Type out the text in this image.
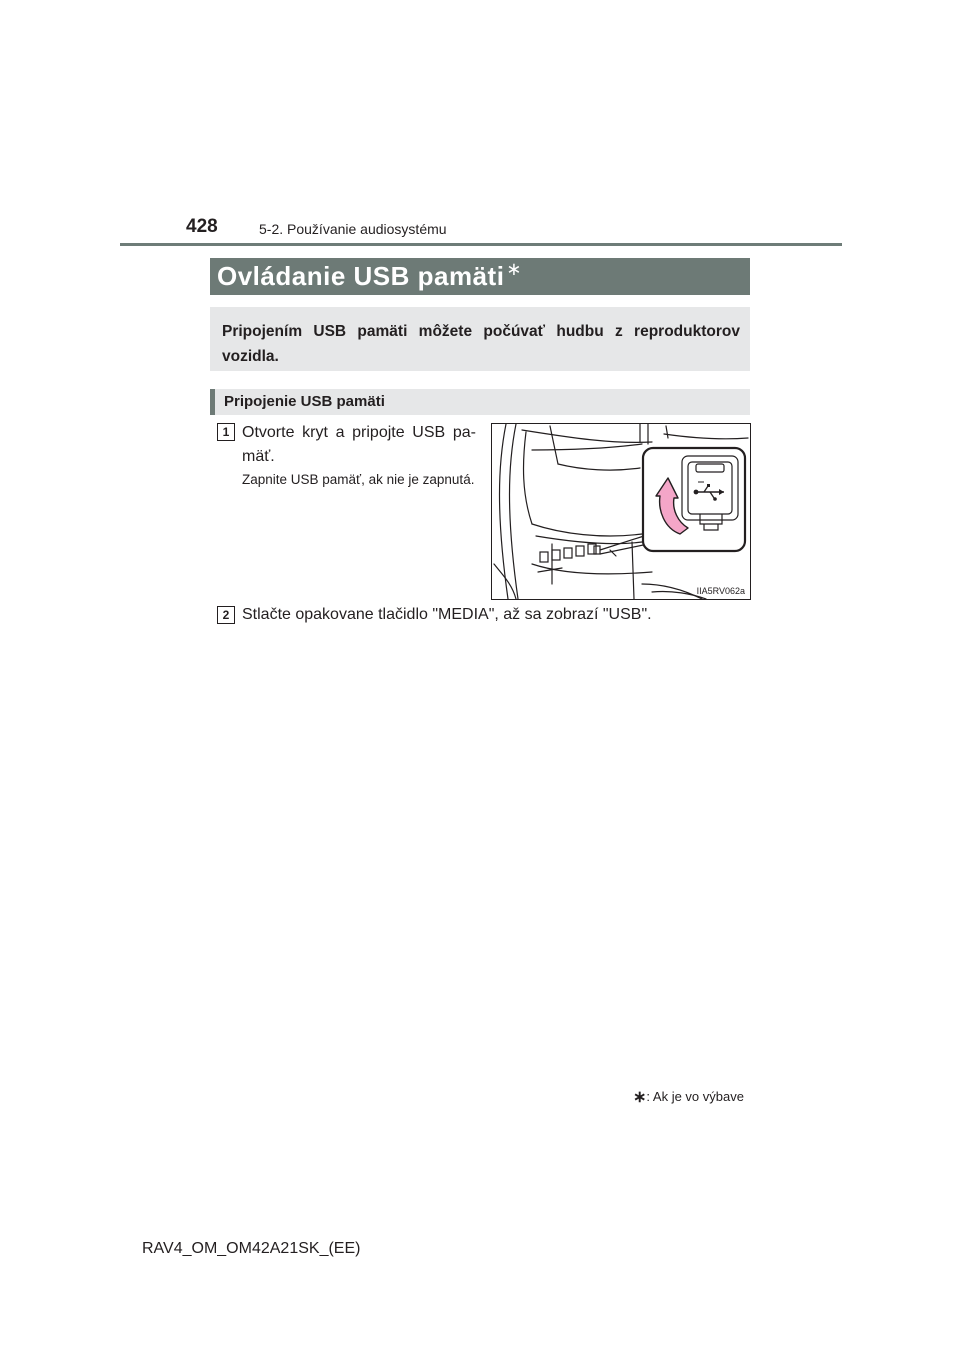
428	5-2. Používanie audiosystému
Ovládanie USB pamäti ∗
Pripojením USB pamäti môžete počúvať hudbu z reproduktorov vozidla.
Pripojenie USB pamäti
1 Otvorte kryt a pripojte USB pamäť.
Zapnite USB pamäť, ak nie je zapnutá.
IIA5RV062a
2 Stlačte opakovane tlačidlo "MEDIA", až sa zobrazí "USB".
∗: Ak je vo výbave
RAV4_OM_OM42A21SK_(EE)
